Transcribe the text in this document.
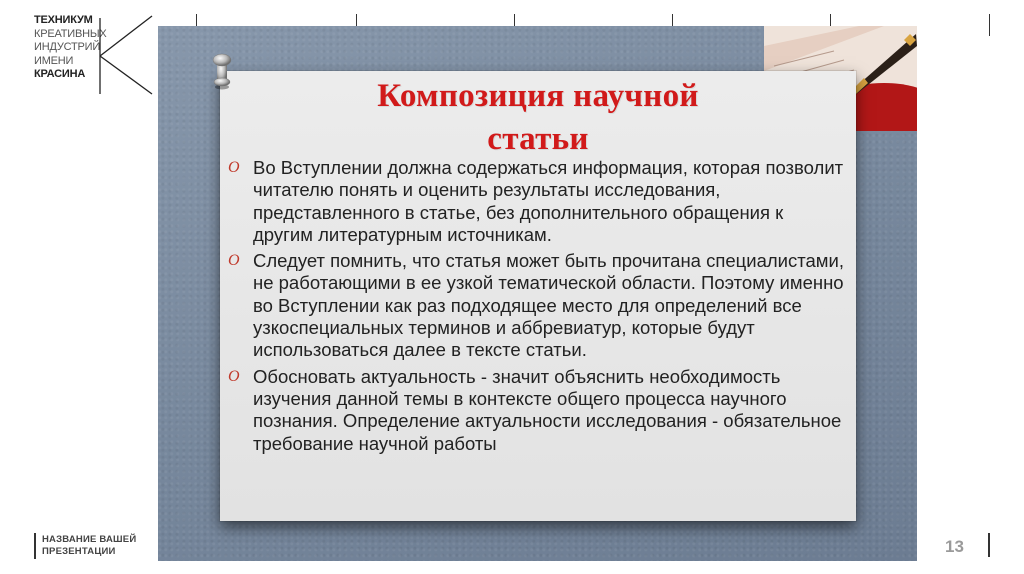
ТЕХНИКУМ
КРЕАТИВНЫХ
ИНДУСТРИЙ
ИМЕНИ
КРАСИНА
Композиция научной
статьи
O Во Вступлении должна содержаться информация, которая позволит читателю понять и оценить результаты исследования, представленного в статье, без дополнительного обращения к другим литературным источникам.
O Следует помнить, что статья может быть прочитана специалистами, не работающими в ее узкой тематической области. Поэтому именно во Вступлении как раз подходящее место для определений все узкоспециальных терминов и аббревиатур, которые будут использоваться далее в тексте статьи.
O Обосновать актуальность - значит объяснить необходимость изучения данной темы в контексте общего процесса научного познания. Определение актуальности исследования - обязательное требование научной работы
НАЗВАНИЕ ВАШЕЙ
ПРЕЗЕНТАЦИИ	13
